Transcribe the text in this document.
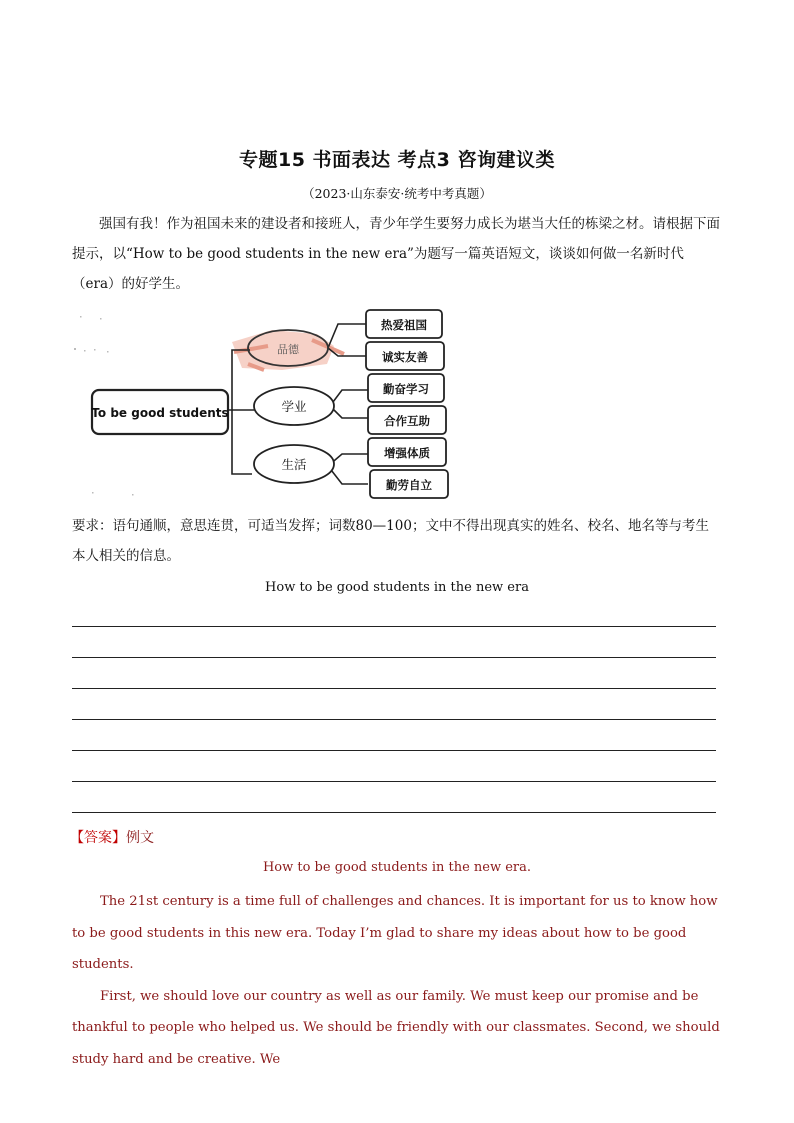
专题15 书面表达 考点3 咨询建议类
（2023·山东泰安·统考中考真题）
强国有我！作为祖国未来的建设者和接班人，青少年学生要努力成长为堪当大任的栋梁之材。请根据下面提示，以“How to be good students in the new era”为题写一篇英语短文，谈谈如何做一名新时代（era）的好学生。
To be good students
品德
学业
生活
热爱祖国
诚实友善
勤奋学习
合作互助
增强体质
勤劳自立
要求：语句通顺，意思连贯，可适当发挥；词数80—100；文中不得出现真实的姓名、校名、地名等与考生本人相关的信息。
How to be good students in the new era
【答案】例文
How to be good students in the new era.

The 21st century is a time full of challenges and chances. It is important for us to know how to be good students in this new era. Today I’m glad to share my ideas about how to be good students.

First, we should love our country as well as our family. We must keep our promise and be thankful to people who helped us. We should be friendly with our classmates. Second, we should study hard and be creative. We
